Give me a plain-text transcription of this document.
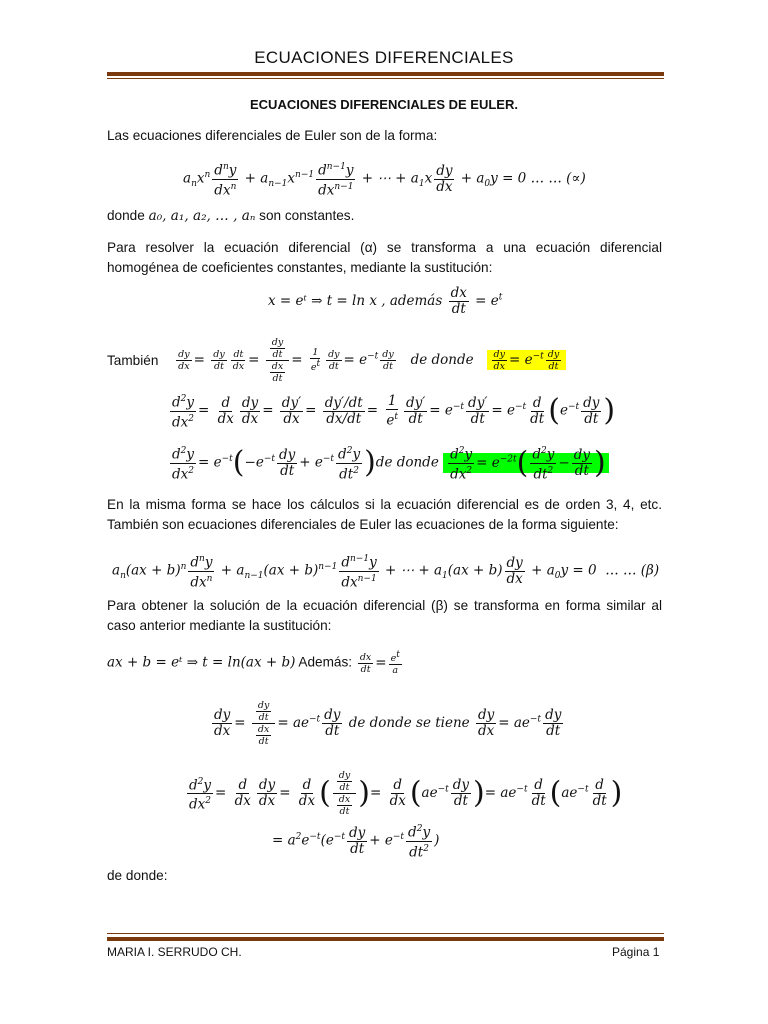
ECUACIONES DIFERENCIALES
ECUACIONES DIFERENCIALES DE EULER.
Las ecuaciones diferenciales de Euler son de la forma:
$a_nx^n \frac{d^ny}{dx^n} + a_{n-1}x^{n-1} \frac{d^{n-1}y}{dx^{n-1}}$ + ⋯ + $a_1x \frac{dy}{dx} + a_0y = 0$ … … (∝)
donde a₀, a₁, a₂, … , aₙ son constantes.
Para resolver la ecuación diferencial (α) se transforma a una ecuación diferencial homogénea de coeficientes constantes, mediante la sustitución:
x = eᵗ ⇒ t = ln x , además $\frac{dx}{dt} = e^t$
También $\frac{dy}{dx} = \frac{dy}{dt} \frac{dt}{dx} = \frac{\frac{dy}{dt}}{\frac{dx}{dt}} = \frac{1}{e^t} \frac{dy}{dt} = e^{-t} \frac{dy}{dt}$ de donde $\frac{dy}{dx} = e^{-t} \frac{dy}{dt}$
$\frac{d^2y}{dx^2} = \frac{d}{dx} \frac{dy}{dx} = \frac{dy'}{dx} = \frac{dy'/dt}{dx/dt} = \frac{1}{e^t} \frac{dy'}{dt} = e^{-t} \frac{dy'}{dt} = e^{-t} \frac{d}{dt} (e^{-t} \frac{dy}{dt}$ )
$\frac{d^2y}{dx^2} = e^{-t}(-e^{-t} \frac{dy}{dt} + e^{-t} \frac{d^2y}{dt^2} )de$ donde $\frac{d^2y}{dx^2} = e^{-2t}( \frac{d^2y}{dt^2} - \frac{dy}{dt}$ )
En la misma forma se hace los cálculos si la ecuación diferencial es de orden 3, 4, etc. También son ecuaciones diferenciales de Euler las ecuaciones de la forma siguiente:
$a_n(ax + b)^n \frac{d^ny}{dx^n} + a_{n-1}(ax + b)^{n-1} \frac{d^{n-1}y}{dx^{n-1}}$ + ⋯ + $a_1(ax + b) \frac{dy}{dx} + a_0y = 0$  … … (β)
Para obtener la solución de la ecuación diferencial (β) se transforma en forma similar al caso anterior mediante la sustitución:
ax + b = eᵗ ⇒ t = ln(ax + b) Además: $\frac{dx}{dt} = \frac{e^t}{a}$
$\frac{dy}{dx} = \frac{\frac{dy}{dt}}{\frac{dx}{dt}} = ae^{-t} \frac{dy}{dt}$ de donde se tiene $\frac{dy}{dx} = ae^{-t} \frac{dy}{dt}$
$\frac{d^2y}{dx^2} = \frac{d}{dx} \frac{dy}{dx} = \frac{d}{dx}$ ( $\frac{\frac{dy}{dt}}{\frac{dx}{dt}}$ )= $\frac{d}{dx} (ae^{-t} \frac{dy}{dt}$ )= $ae^{-t} \frac{d}{dt} (ae^{-t} \frac{d}{dt}$ )
= $a^2e^{-t}(e^{-t} \frac{dy}{dt} + e^{-t} \frac{d^2y}{dt^2}$ )
de donde:
MARIA I. SERRUDO CH.	Página 1
